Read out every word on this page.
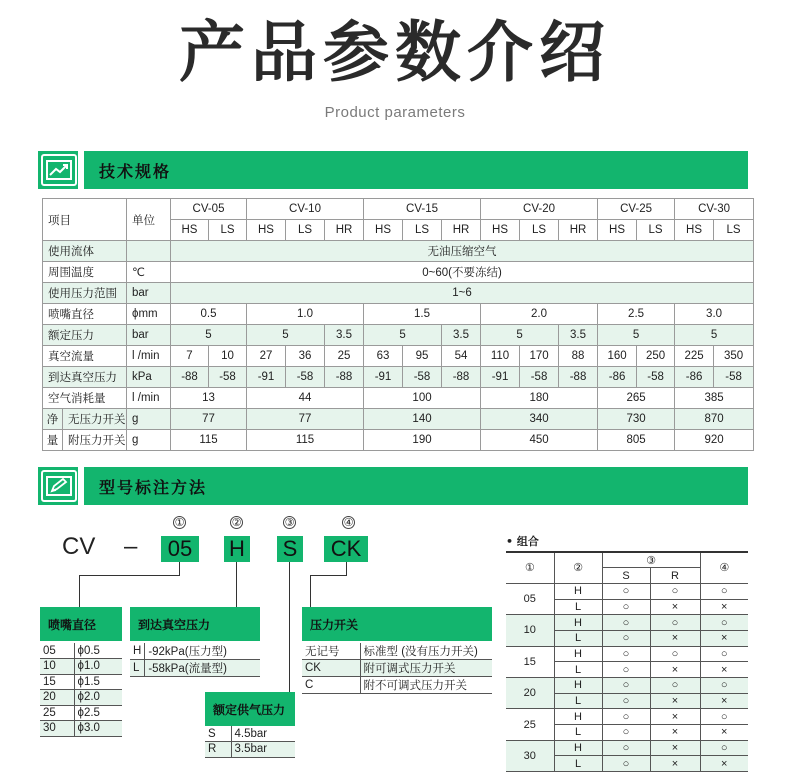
产品参数介绍
Product parameters
技术规格
项目		单位	CV-05		CV-10			CV-15			CV-20			CV-25		CV-30	
			HS	LS	HS	LS	HR	HS	LS	HR	HS	LS	HR	HS	LS	HS	LS
使用流体			无油压缩空气														
周围温度		℃	0~60(不要冻结)														
使用压力范围		bar	1~6														
喷嘴直径		ϕmm	0.5		1.0			1.5			2.0			2.5		3.0	
额定压力		bar	5		5		3.5	5		3.5	5		3.5	5		5	
真空流量		l /min	7	10	27	36	25	63	95	54	110	170	88	160	250	225	350
到达真空压力		kPa	-88	-58	-91	-58	-88	-91	-58	-88	-91	-58	-88	-86	-58	-86	-58
空气消耗量		l /min	13		44			100			180			265		385	
净	无压力开关	g	77		77			140			340			730		870	
量	附压力开关	g	115		115			190			450			805		920	
型号标注方法
CV –
①	②	③	④
05	H S	CK
喷嘴直径
05	ϕ0.5
10	ϕ1.0
15	ϕ1.5
20	ϕ2.0
25	ϕ2.5
30	ϕ3.0
到达真空压力
H	-92kPa(压力型)
L	-58kPa(流量型)
额定供气压力
S	4.5bar
R	3.5bar
压力开关
无记号	标准型 (没有压力开关)
CK	附可调式压力开关
C	附不可调式压力开关
• 组合
①	②	③		④
		S	R	
05	H	○	○	○
	L	○	×	×
10	H	○	○	○
	L	○	×	×
15	H	○	○	○
	L	○	×	×
20	H	○	○	○
	L	○	×	×
25	H	○	×	○
	L	○	×	×
30	H	○	×	○
	L	○	×	×
